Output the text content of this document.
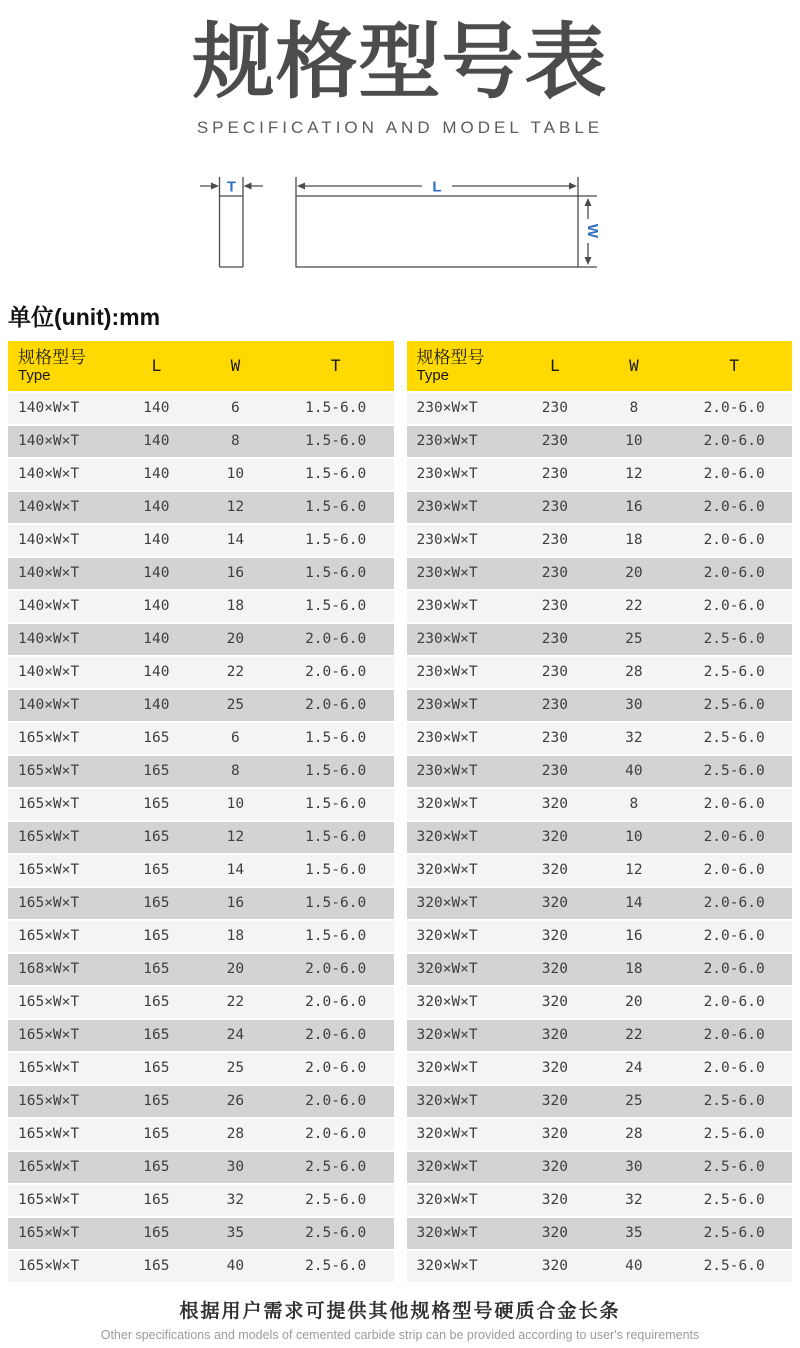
规格型号表
SPECIFICATION AND MODEL TABLE
T	L
W
单位(unit):mm
规格型号
Type
L	W	T
140×W×T	140	6	1.5-6.0
140×W×T	140	8	1.5-6.0
140×W×T	140	10	1.5-6.0
140×W×T	140	12	1.5-6.0
140×W×T	140	14	1.5-6.0
140×W×T	140	16	1.5-6.0
140×W×T	140	18	1.5-6.0
140×W×T	140	20	2.0-6.0
140×W×T	140	22	2.0-6.0
140×W×T	140	25	2.0-6.0
165×W×T	165	6	1.5-6.0
165×W×T	165	8	1.5-6.0
165×W×T	165	10	1.5-6.0
165×W×T	165	12	1.5-6.0
165×W×T	165	14	1.5-6.0
165×W×T	165	16	1.5-6.0
165×W×T	165	18	1.5-6.0
168×W×T	165	20	2.0-6.0
165×W×T	165	22	2.0-6.0
165×W×T	165	24	2.0-6.0
165×W×T	165	25	2.0-6.0
165×W×T	165	26	2.0-6.0
165×W×T	165	28	2.0-6.0
165×W×T	165	30	2.5-6.0
165×W×T	165	32	2.5-6.0
165×W×T	165	35	2.5-6.0
165×W×T	165	40	2.5-6.0
规格型号
Type
L	W	T
230×W×T	230	8	2.0-6.0
230×W×T	230	10	2.0-6.0
230×W×T	230	12	2.0-6.0
230×W×T	230	16	2.0-6.0
230×W×T	230	18	2.0-6.0
230×W×T	230	20	2.0-6.0
230×W×T	230	22	2.0-6.0
230×W×T	230	25	2.5-6.0
230×W×T	230	28	2.5-6.0
230×W×T	230	30	2.5-6.0
230×W×T	230	32	2.5-6.0
230×W×T	230	40	2.5-6.0
320×W×T	320	8	2.0-6.0
320×W×T	320	10	2.0-6.0
320×W×T	320	12	2.0-6.0
320×W×T	320	14	2.0-6.0
320×W×T	320	16	2.0-6.0
320×W×T	320	18	2.0-6.0
320×W×T	320	20	2.0-6.0
320×W×T	320	22	2.0-6.0
320×W×T	320	24	2.0-6.0
320×W×T	320	25	2.5-6.0
320×W×T	320	28	2.5-6.0
320×W×T	320	30	2.5-6.0
320×W×T	320	32	2.5-6.0
320×W×T	320	35	2.5-6.0
320×W×T	320	40	2.5-6.0
根据用户需求可提供其他规格型号硬质合金长条
Other specifications and models of cemented carbide strip can be provided according to user's requirements
